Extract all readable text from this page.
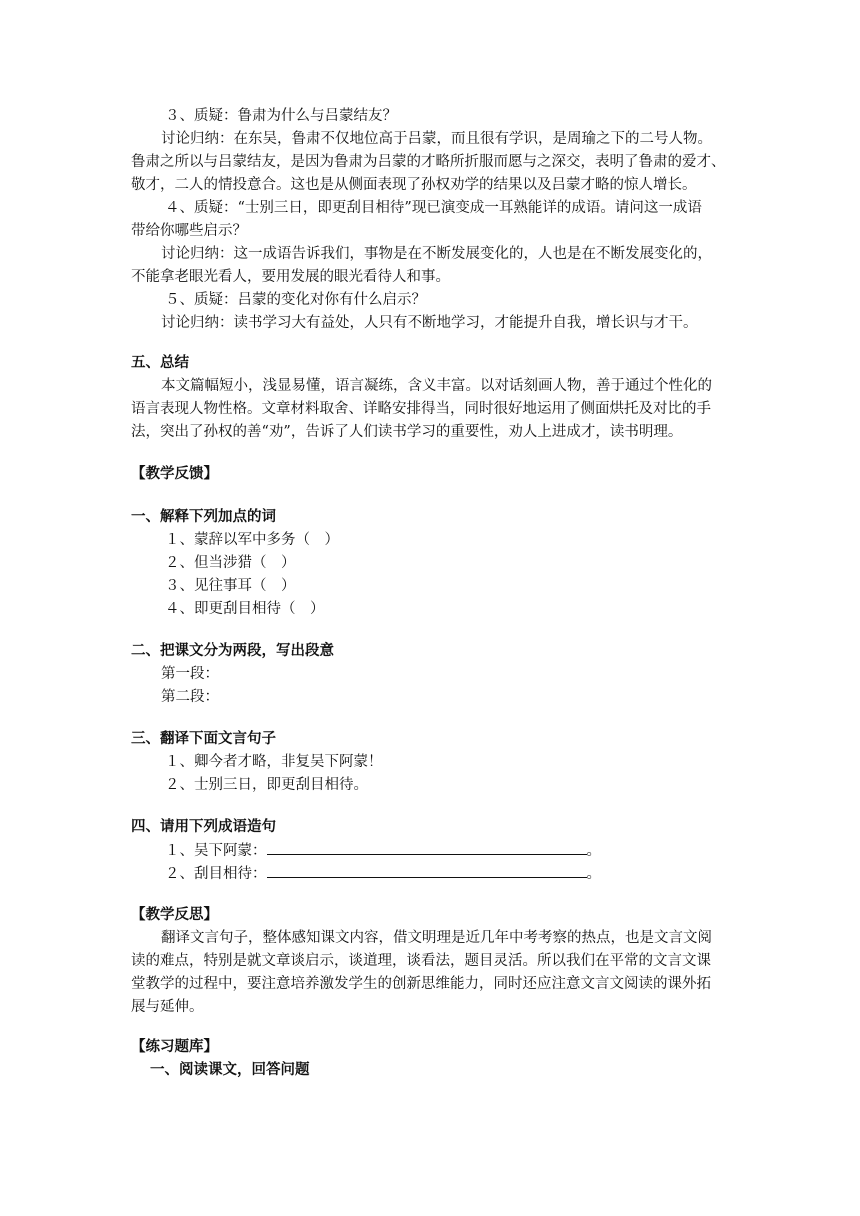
３、质疑：鲁肃为什么与吕蒙结友？
讨论归纳：在东吴，鲁肃不仅地位高于吕蒙，而且很有学识，是周瑜之下的二号人物。
鲁肃之所以与吕蒙结友，是因为鲁肃为吕蒙的才略所折服而愿与之深交，表明了鲁肃的爱才、
敬才，二人的情投意合。这也是从侧面表现了孙权劝学的结果以及吕蒙才略的惊人增长。
４、质疑：“士别三日，即更刮目相待”现已演变成一耳熟能详的成语。请问这一成语
带给你哪些启示？
讨论归纳：这一成语告诉我们，事物是在不断发展变化的，人也是在不断发展变化的，
不能拿老眼光看人，要用发展的眼光看待人和事。
５、质疑：吕蒙的变化对你有什么启示？
讨论归纳：读书学习大有益处，人只有不断地学习，才能提升自我，增长识与才干。
五、总结
本文篇幅短小，浅显易懂，语言凝练，含义丰富。以对话刻画人物，善于通过个性化的
语言表现人物性格。文章材料取舍、详略安排得当，同时很好地运用了侧面烘托及对比的手
法，突出了孙权的善“劝”，告诉了人们读书学习的重要性，劝人上进成才，读书明理。
【教学反馈】
一、解释下列加点的词
１、蒙辞以军中多务（　）
２、但当涉猎（　）
３、见往事耳（　）
４、即更刮目相待（　）
二、把课文分为两段，写出段意
第一段：
第二段：
三、翻译下面文言句子
１、卿今者才略，非复吴下阿蒙！
２、士别三日，即更刮目相待。
四、请用下列成语造句
１、吴下阿蒙：	。
２、刮目相待：	。
【教学反思】
翻译文言句子，整体感知课文内容，借文明理是近几年中考考察的热点，也是文言文阅
读的难点，特别是就文章谈启示，谈道理，谈看法，题目灵活。所以我们在平常的文言文课
堂教学的过程中，要注意培养激发学生的创新思维能力，同时还应注意文言文阅读的课外拓
展与延伸。
【练习题库】
一、阅读课文，回答问题
